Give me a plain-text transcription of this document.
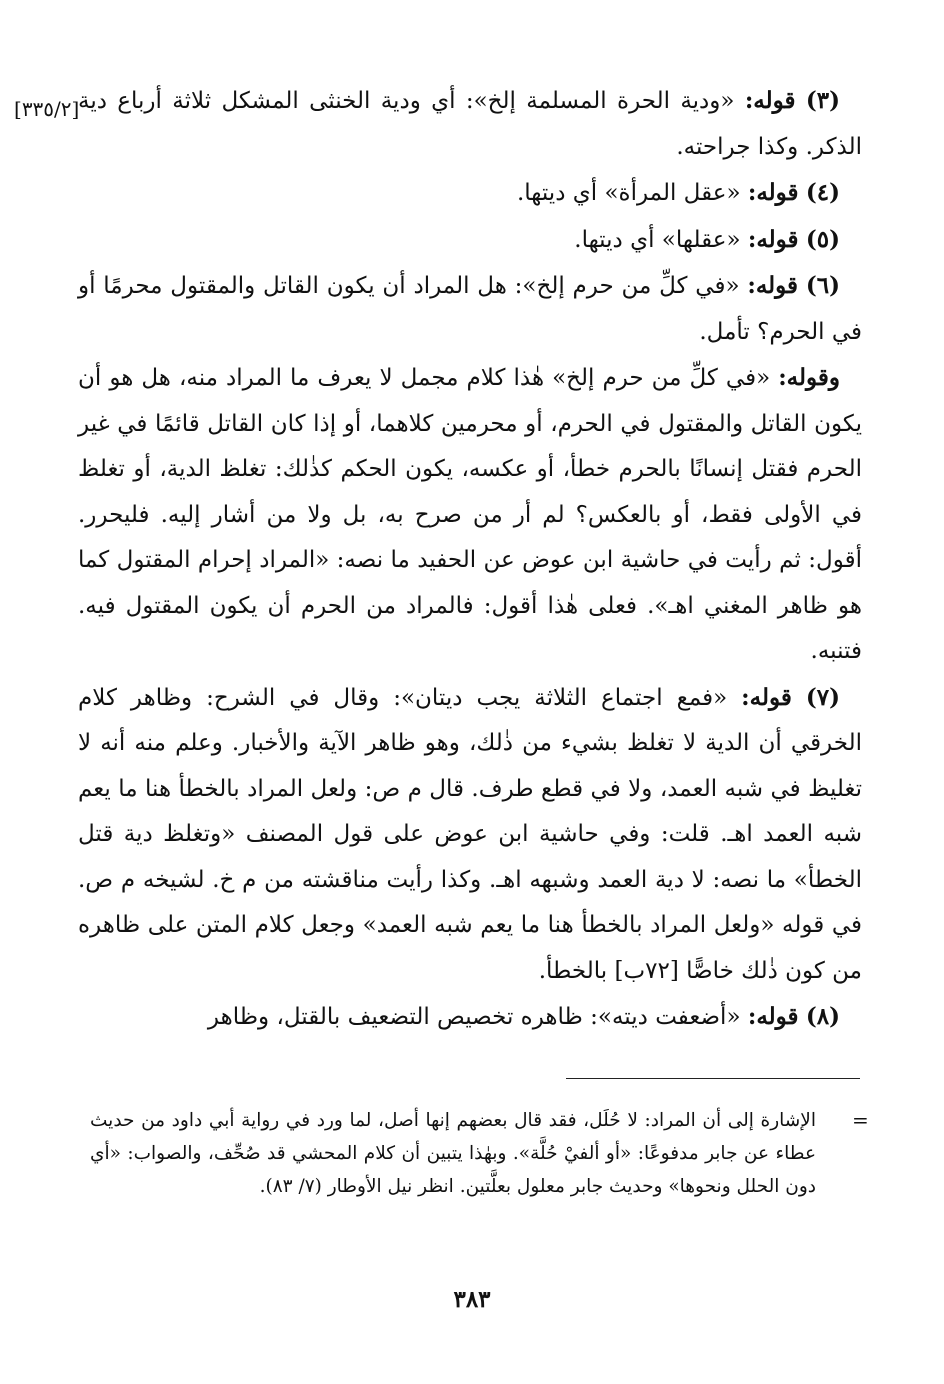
[٣٣٥/٢]	(٣) قوله: «ودية الحرة المسلمة إلخ»: أي ودية الخنثى المشكل ثلاثة أرباع دية الذكر. وكذا جراحته.

(٤) قوله: «عقل المرأة» أي ديتها.

(٥) قوله: «عقلها» أي ديتها.

(٦) قوله: «في كلِّ من حرم إلخ»: هل المراد أن يكون القاتل والمقتول محرمًا أو في الحرم؟ تأمل.

وقوله: «في كلِّ من حرم إلخ» هٰذا كلام مجمل لا يعرف ما المراد منه، هل هو أن يكون القاتل والمقتول في الحرم، أو محرمين كلاهما، أو إذا كان القاتل قائمًا في غير الحرم فقتل إنسانًا بالحرم خطأ، أو عكسه، يكون الحكم كذٰلك: تغلظ الدية، أو تغلظ في الأولى فقط، أو بالعكس؟ لم أر من صرح به، بل ولا من أشار إليه. فليحرر. أقول: ثم رأيت في حاشية ابن عوض عن الحفيد ما نصه: «المراد إحرام المقتول كما هو ظاهر المغني اهـ». فعلى هٰذا أقول: فالمراد من الحرم أن يكون المقتول فيه. فتنبه.

(٧) قوله: «فمع اجتماع الثلاثة يجب ديتان»: وقال في الشرح: وظاهر كلام الخرقي أن الدية لا تغلظ بشيء من ذٰلك، وهو ظاهر الآية والأخبار. وعلم منه أنه لا تغليظ في شبه العمد، ولا في قطع طرف. قال م ص: ولعل المراد بالخطأ هنا ما يعم شبه العمد اهـ. قلت: وفي حاشية ابن عوض على قول المصنف «وتغلظ دية قتل الخطأ» ما نصه: لا دية العمد وشبهه اهـ. وكذا رأيت مناقشته من م خ. لشيخه م ص. في قوله «ولعل المراد بالخطأ هنا ما يعم شبه العمد» وجعل كلام المتن على ظاهره من كون ذٰلك خاصًّا [٧٢ب] بالخطأ.

(٨) قوله: «أضعفت ديته»: ظاهره تخصيص التضعيف بالقتل، وظاهر

=
الإشارة إلى أن المراد: لا حُلَل، فقد قال بعضهم إنها أصل، لما ورد في رواية أبي داود من حديث عطاء عن جابر مدفوعًا: «أو ألفيْ حُلَّة». وبهٰذا يتبين أن كلام المحشي قد صُحِّف، والصواب: «أي دون الحلل ونحوها» وحديث جابر معلول بعلَّتين. انظر نيل الأوطار (٧/ ٨٣).
٣٨٣
